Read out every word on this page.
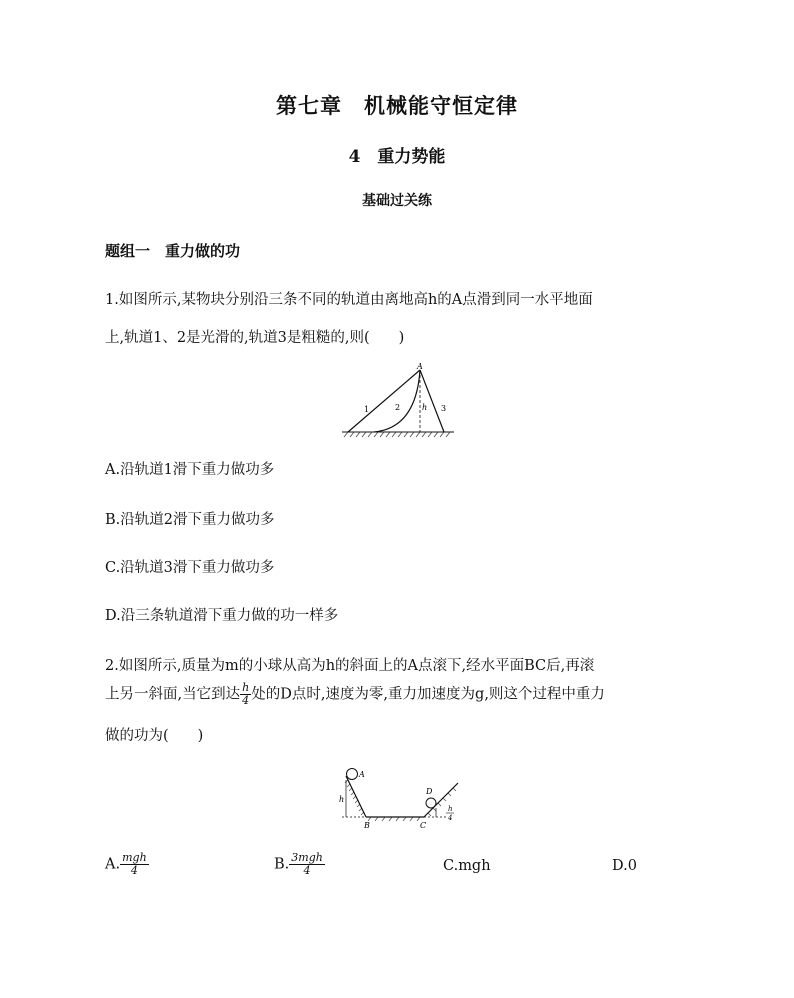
第七章　机械能守恒定律
4　重力势能
基础过关练
题组一　重力做的功
1.如图所示,某物块分别沿三条不同的轨道由离地高h的A点滑到同一水平地面
上,轨道1、2是光滑的,轨道3是粗糙的,则(　　)
A
h
1	2	3
A.沿轨道1滑下重力做功多
B.沿轨道2滑下重力做功多
C.沿轨道3滑下重力做功多
D.沿三条轨道滑下重力做的功一样多
2.如图所示,质量为m的小球从高为h的斜面上的A点滚下,经水平面BC后,再滚
上另一斜面,当它到达 $\frac{h}{4}$ 处的D点时,速度为零,重力加速度为g,则这个过程中重力
做的功为(　　)
A
h
B	C
D
h
4
A. $\frac{\text{mgh}}{4}$	B. $\frac{\text{3mgh}}{4}$	C.mgh	D.0
